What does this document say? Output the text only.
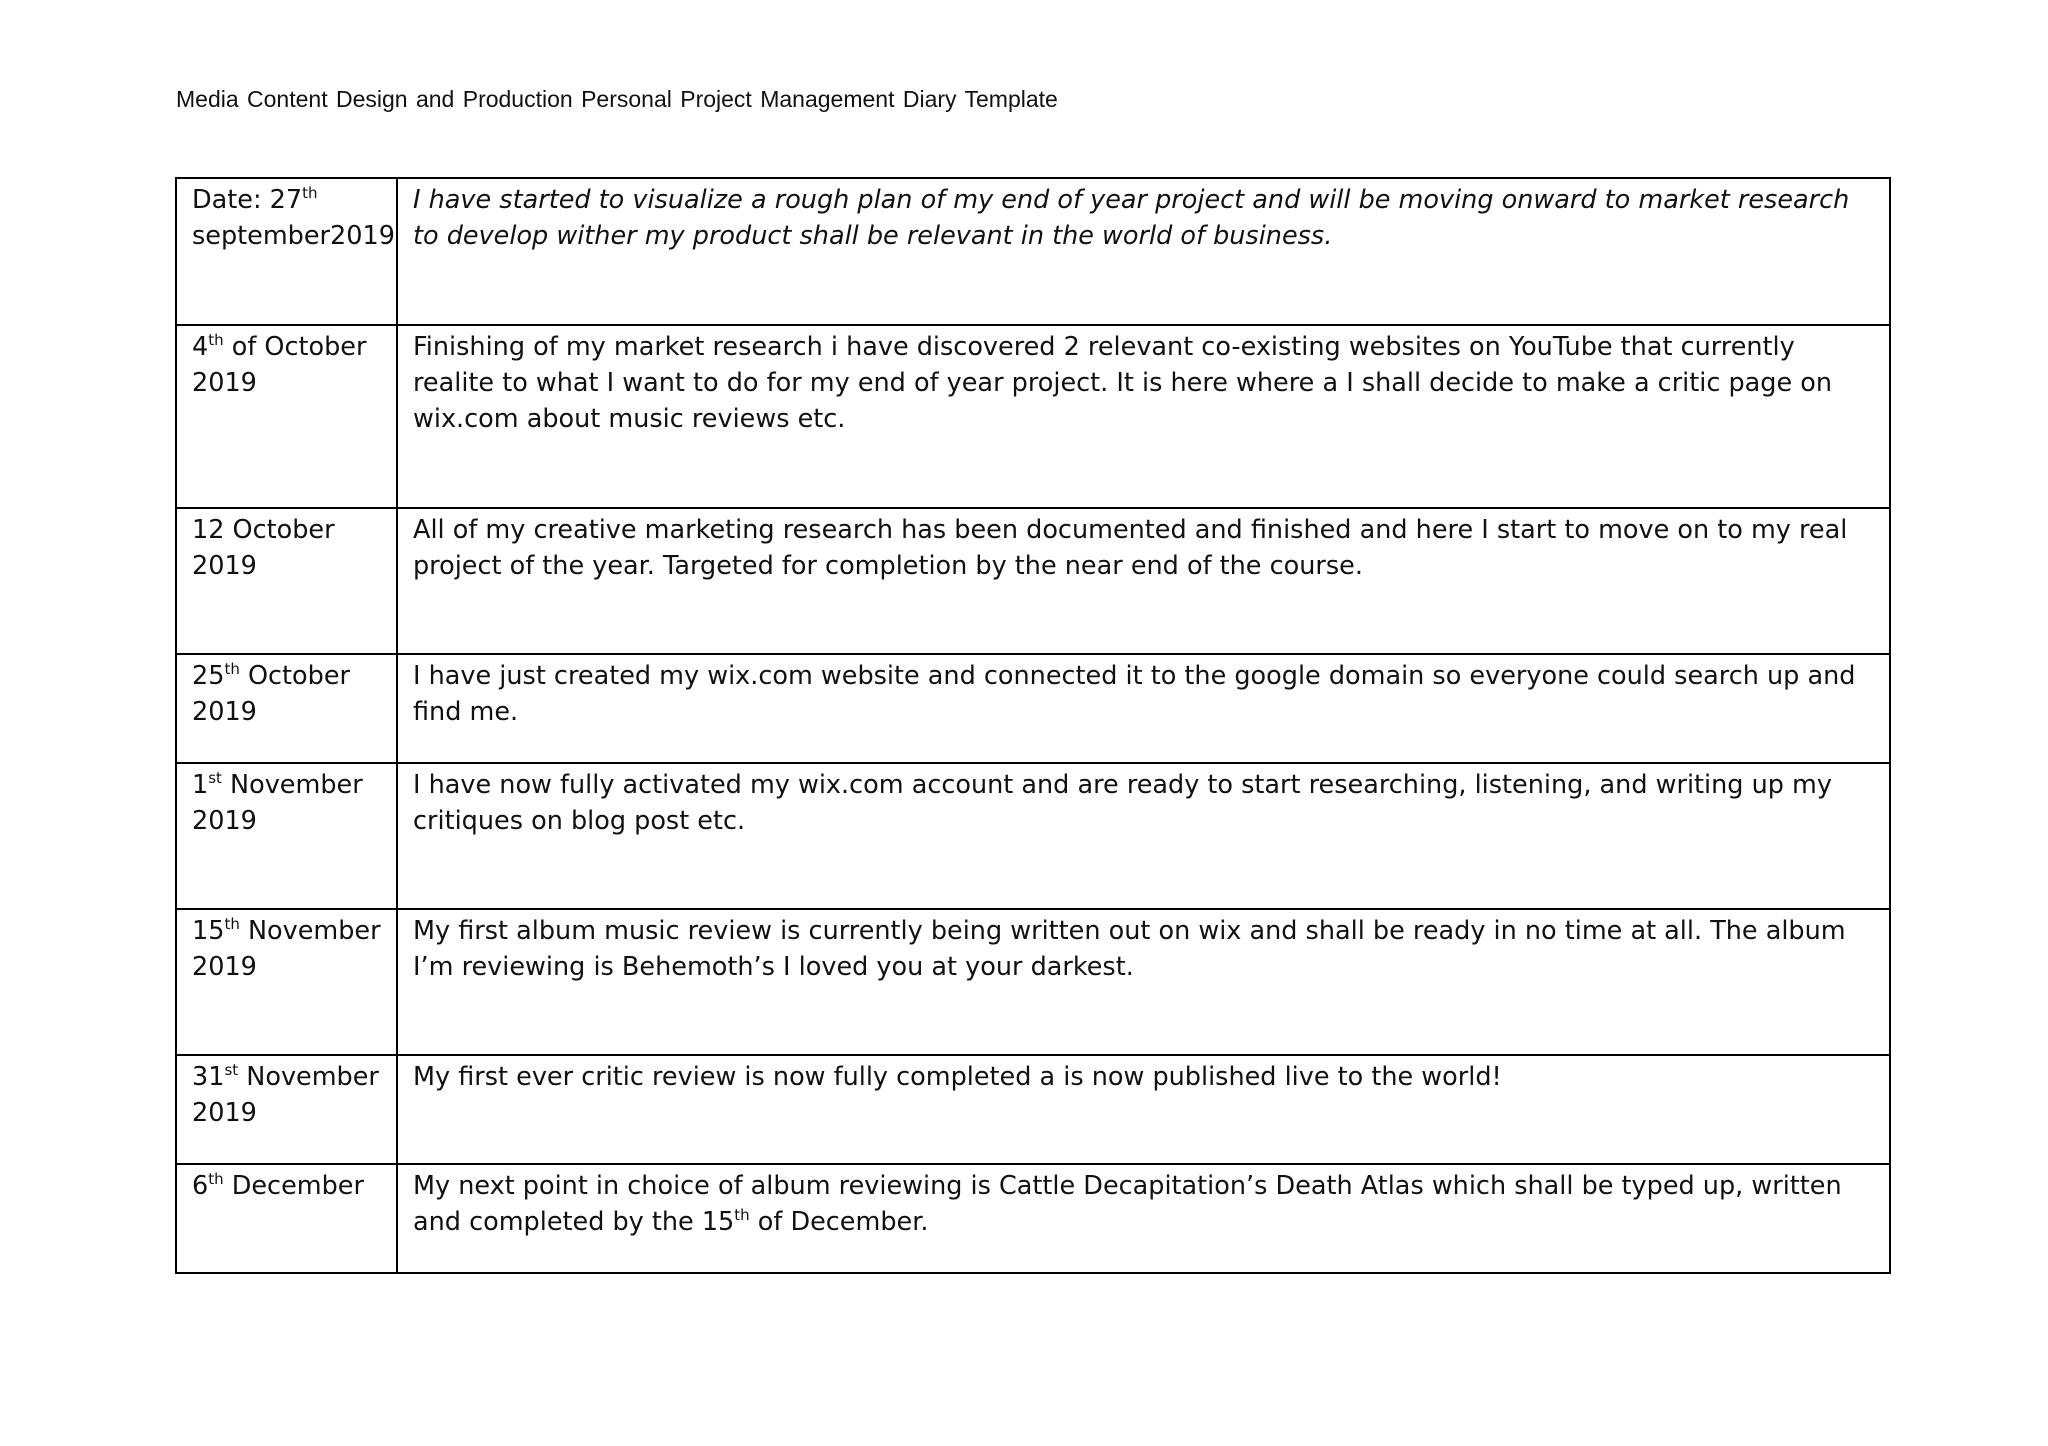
Media Content Design and Production Personal Project Management Diary Template
Date: 27th
september2019	I have started to visualize a rough plan of my end of year project and will be moving onward to market research to develop wither my product shall be relevant in the world of business.

4th of October
2019	Finishing of my market research i have discovered 2 relevant co-existing websites on YouTube that currently realite to what I want to do for my end of year project. It is here where a I shall decide to make a critic page on wix.com about music reviews etc.

12 October
2019	All of my creative marketing research has been documented and finished and here I start to move on to my real project of the year. Targeted for completion by the near end of the course.

25th October
2019	I have just created my wix.com website and connected it to the google domain so everyone could search up and find me.

1st November
2019	I have now fully activated my wix.com account and are ready to start researching, listening, and writing up my critiques on blog post etc.

15th November
2019	My first album music review is currently being written out on wix and shall be ready in no time at all. The album I’m reviewing is Behemoth’s I loved you at your darkest.

31st November
2019	My first ever critic review is now fully completed a is now published live to the world!

6th December	My next point in choice of album reviewing is Cattle Decapitation’s Death Atlas which shall be typed up, written and completed by the 15th of December.
